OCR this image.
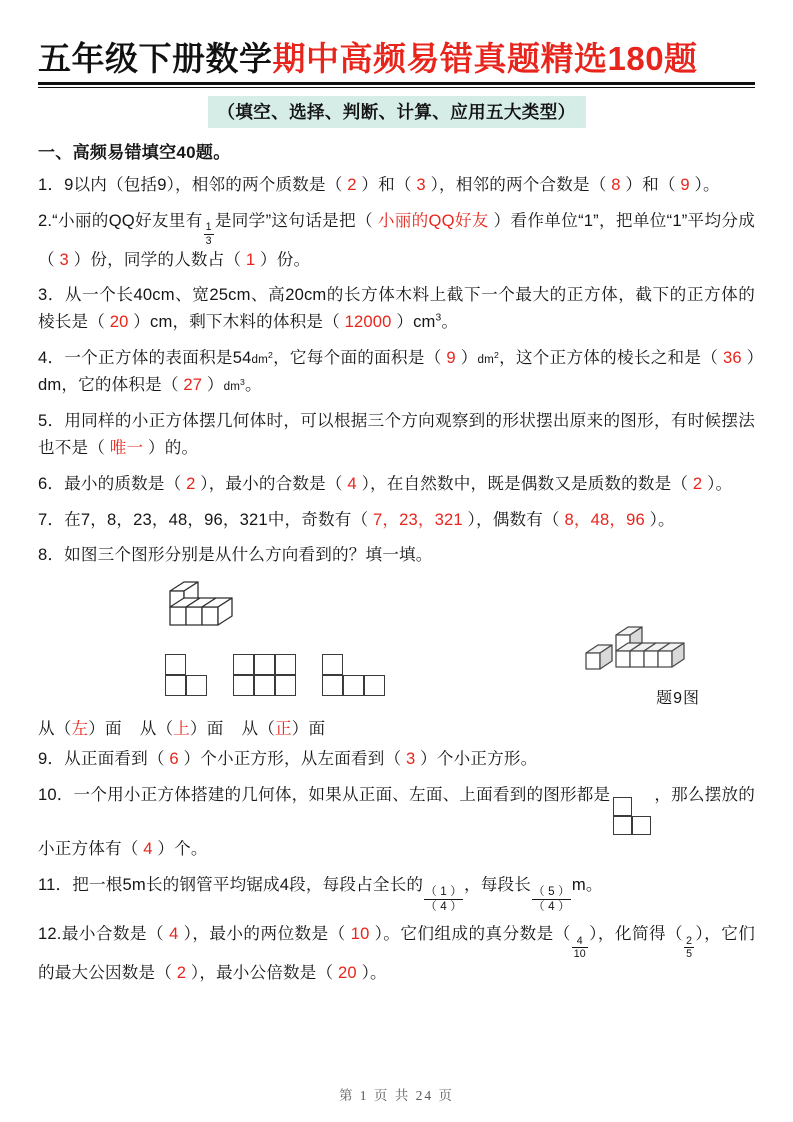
五年级下册数学期中高频易错真题精选180题
（填空、选择、判断、计算、应用五大类型）
一、高频易错填空40题。
1．9以内（包括9），相邻的两个质数是（ 2 ）和（ 3 ），相邻的两个合数是（ 8 ）和（ 9 ）。
2.“小丽的QQ好友里有
$\frac{1}{3}$
是同学”这句话是把（ 小丽的QQ好友 ）看作单位“1”，把单位“1”平均分成（ 3 ）份，同学的人数占（ 1 ）份。
3．从一个长40cm、宽25cm、高20cm的长方体木料上截下一个最大的正方体，截下的正方体的棱长是（ 20 ）cm，剩下木料的体积是（ 12000 ）$cm^3$。
4．一个正方体的表面积是$54dm^2$，它每个面的面积是（ 9 ）$dm^2$，这个正方体的棱长之和是（ 36 ）dm，它的体积是（ 27 ）$dm^3$。
5．用同样的小正方体摆几何体时，可以根据三个方向观察到的形状摆出原来的图形，有时候摆法也不是（ 唯一 ）的。
6．最小的质数是（ 2 ），最小的合数是（ 4 ），在自然数中，既是偶数又是质数的数是（ 2 ）。
7．在7，8，23，48，96，321中，奇数有（ 7，23，321 ），偶数有（ 8，48，96 ）。
8．如图三个图形分别是从什么方向看到的？填一填。
题9图
从（左）面 从（上）面 从（正）面
9．从正面看到（ 6 ）个小正方形，从左面看到（ 3 ）个小正方形。
10．一个用小正方体搭建的几何体，如果从正面、左面、上面看到的图形都是	，那么摆放的小正方体有（ 4 ）个。
11．把一根5m长的钢管平均锯成4段，每段占全长的
$\frac{( 1 )}{( 4 )}$
，每段长
$\frac{( 5 )}{( 4 )}$
m。
12.最小合数是（ 4 ），最小的两位数是（ 10 ）。它们组成的真分数是（
$\frac{4}{10}$
），化简得（
$\frac{2}{5}$
），它们的最大公因数是（ 2 ），最小公倍数是（ 20 ）。
第 1 页 共 24 页
